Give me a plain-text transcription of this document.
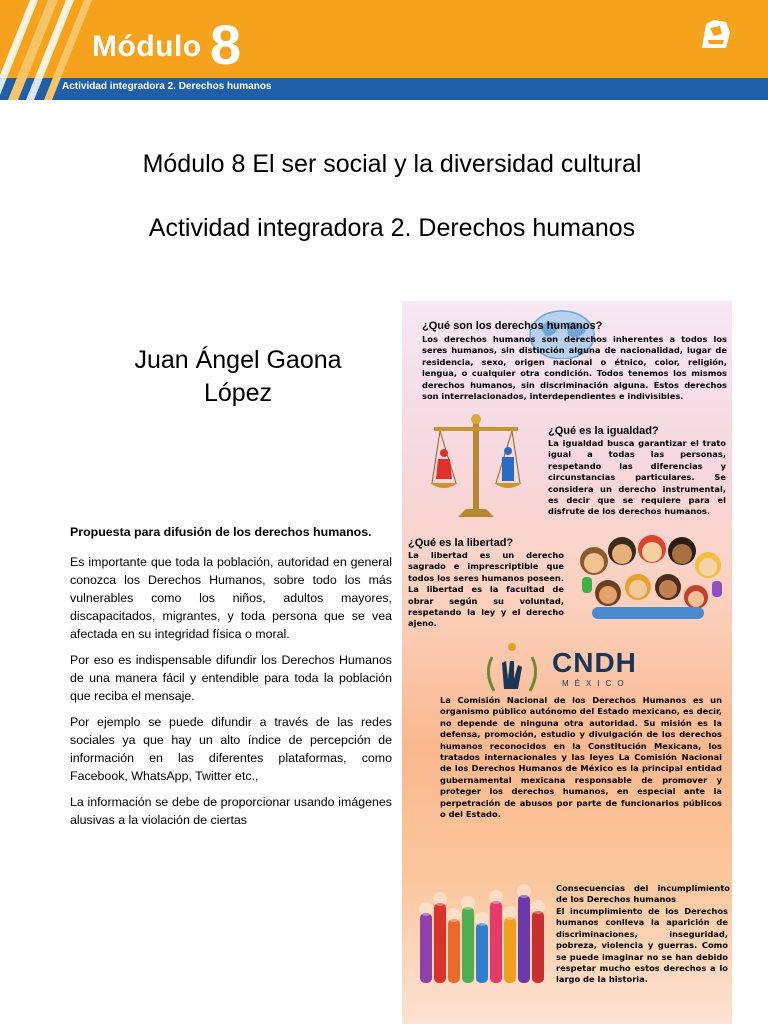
Módulo 8
Actividad integradora 2. Derechos humanos
Módulo 8 El ser social y la diversidad cultural
Actividad integradora 2. Derechos humanos
Juan Ángel Gaona
López
Propuesta para difusión de los derechos humanos.

Es importante que toda la población, autoridad en general conozca los Derechos Humanos, sobre todo los más vulnerables como los niños, adultos mayores, discapacitados, migrantes, y toda persona que se vea afectada en su integridad física o moral.

Por eso es indispensable difundir los Derechos Humanos de una manera fácil y entendible para toda la población que reciba el mensaje.

Por ejemplo se puede difundir a través de las redes sociales ya que hay un alto índice de percepción de información en las diferentes plataformas, como Facebook, WhatsApp, Twitter etc.,

La información se debe de proporcionar usando imágenes alusivas a la violación de ciertas

¿Qué son los derechos humanos?
Los derechos humanos son derechos inherentes a todos los seres humanos, sin distinción alguna de nacionalidad, lugar de residencia, sexo, origen nacional o étnico, color, religión, lengua, o cualquier otra condición. Todos tenemos los mismos derechos humanos, sin discriminación alguna. Estos derechos son interrelacionados, interdependientes e indivisibles.
¿Qué es la igualdad?
La igualdad busca garantizar el trato igual a todas las personas, respetando las diferencias y circunstancias particulares. Se considera un derecho instrumental, es decir que se requiere para el disfrute de los derechos humanos.
¿Qué es la libertad?
La libertad es un derecho sagrado e imprescriptible que todos los seres humanos poseen. La libertad es la facultad de obrar según su voluntad, respetando la ley y el derecho ajeno.
CNDH
MÉXICO
La Comisión Nacional de los Derechos Humanos es un organismo público autónomo del Estado mexicano, es decir, no depende de ninguna otra autoridad. Su misión es la defensa, promoción, estudio y divulgación de los derechos humanos reconocidos en la Constitución Mexicana, los tratados internacionales y las leyes La Comisión Nacional de los Derechos Humanos de México es la principal entidad gubernamental mexicana responsable de promover y proteger los derechos humanos, en especial ante la perpetración de abusos por parte de funcionarios públicos o del Estado.
Consecuencias del incumplimiento de los Derechos humanos
El incumplimiento de los Derechos humanos conlleva la aparición de discriminaciones, inseguridad, pobreza, violencia y guerras. Como se puede imaginar no se han debido respetar mucho estos derechos a lo largo de la historia.
